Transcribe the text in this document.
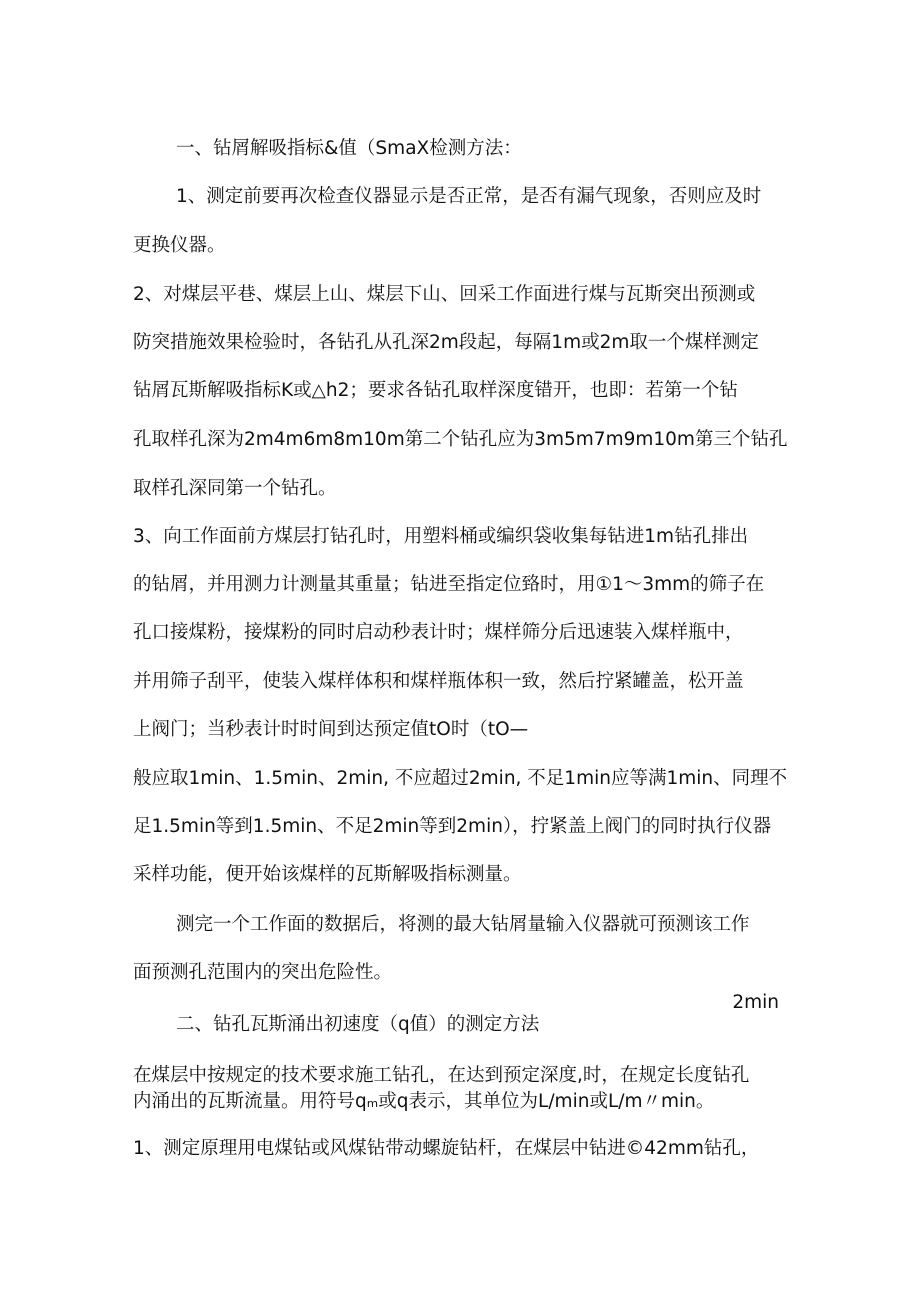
一、钻屑解吸指标&值（SmaX检测方法：
1、测定前要再次检查仪器显示是否正常，是否有漏气现象，否则应及时
更换仪器。
2、对煤层平巷、煤层上山、煤层下山、回采工作面进行煤与瓦斯突出预测或
防突措施效果检验时，各钻孔从孔深2m段起，每隔1m或2m取一个煤样测定
钻屑瓦斯解吸指标K或△h2；要求各钻孔取样深度错开，也即：若第一个钻
孔取样孔深为2m4m6m8m10m第二个钻孔应为3m5m7m9m10m第三个钻孔
取样孔深同第一个钻孔。
3、向工作面前方煤层打钻孔时，用塑料桶或编织袋收集每钻进1m钻孔排出
的钻屑，并用测力计测量其重量；钻进至指定位臵时，用①1〜3mm的筛子在
孔口接煤粉，接煤粉的同时启动秒表计时；煤样筛分后迅速装入煤样瓶中，
并用筛子刮平，使装入煤样体积和煤样瓶体积一致，然后拧紧罐盖，松开盖
上阀门；当秒表计时时间到达预定值tO时（tO—
般应取1min、1.5min、2min, 不应超过2min, 不足1min应等满1min、同理不
足1.5min等到1.5min、不足2min等到2min），拧紧盖上阀门的同时执行仪器
采样功能，便开始该煤样的瓦斯解吸指标测量。
测完一个工作面的数据后，将测的最大钻屑量输入仪器就可预测该工作
面预测孔范围内的突出危险性。
2min
二、钻孔瓦斯涌出初速度（q值）的测定方法
在煤层中按规定的技术要求施工钻孔，在达到预定深度,时，在规定长度钻孔
内涌出的瓦斯流量。用符号qₘ或q表示，其单位为L/min或L/m〃min。
1、测定原理用电煤钻或风煤钻带动螺旋钻杆，在煤层中钻进©42mm钻孔，
